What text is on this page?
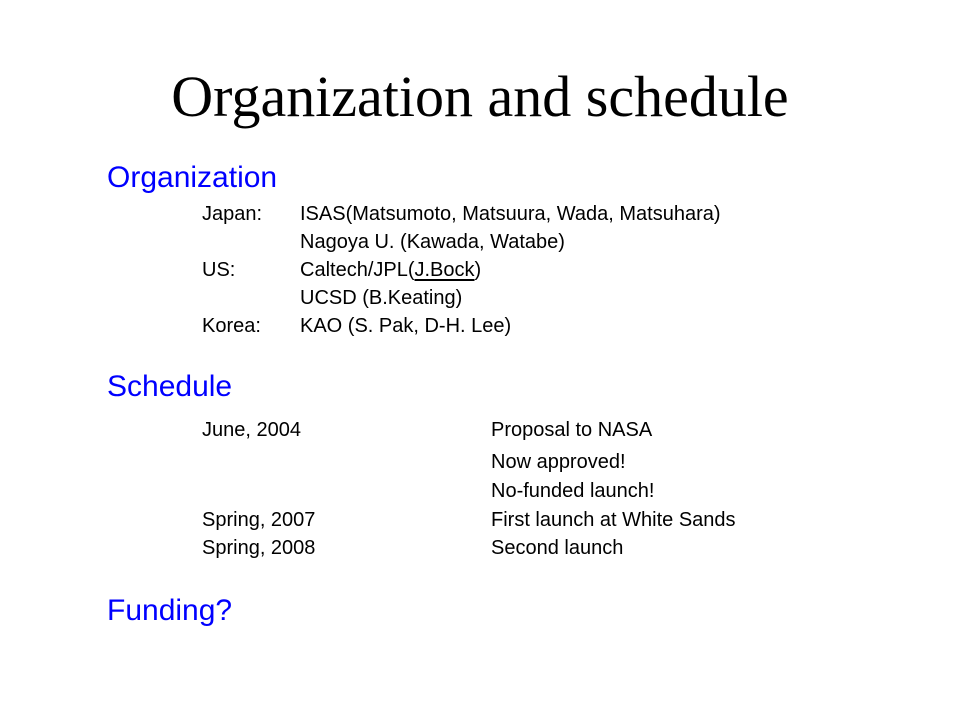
Organization and schedule
Organization
Japan: ISAS(Matsumoto, Matsuura, Wada, Matsuhara)
Nagoya U. (Kawada, Watabe)
US:	Caltech/JPL(J.Bock)
UCSD (B.Keating)
Korea: KAO (S. Pak, D-H. Lee)
Schedule
June, 2004	Proposal to NASA
Now approved!
No-funded launch!
Spring, 2007	First launch at White Sands
Spring, 2008	Second launch
Funding?
